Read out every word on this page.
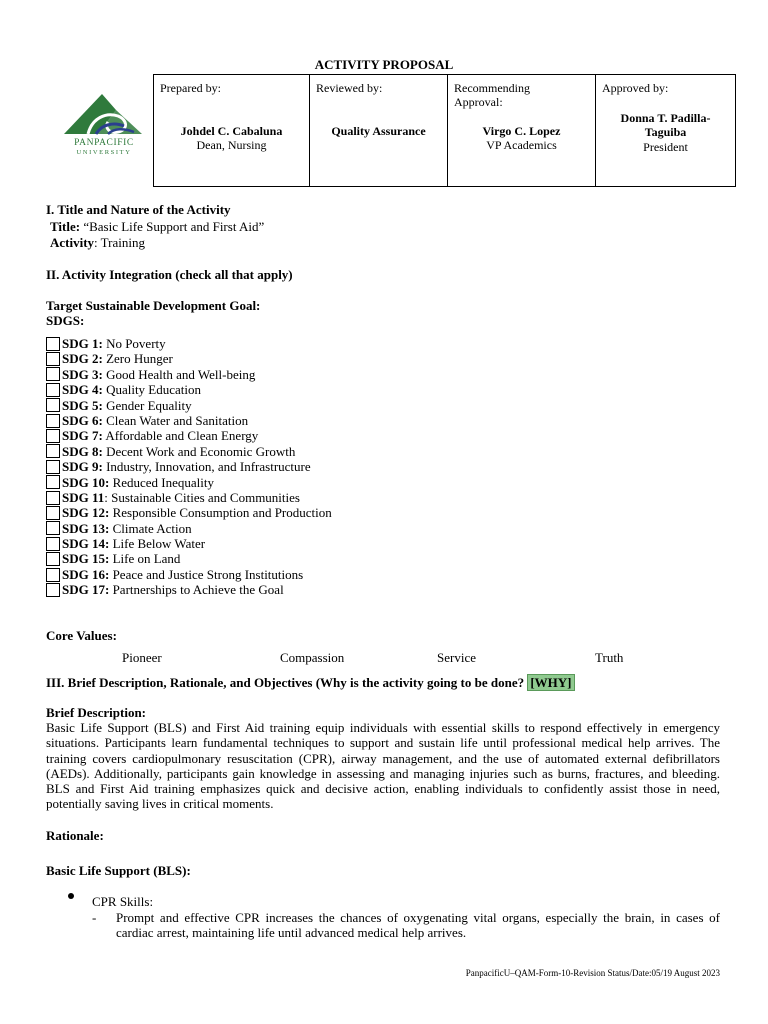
ACTIVITY PROPOSAL
PANPACIFIC
UNIVERSITY
Prepared by:
Johdel C. Cabaluna
Dean, Nursing

Reviewed by:
Quality Assurance

Recommending
Approval:
Virgo C. Lopez
VP Academics

Approved by:
Donna T. Padilla-
Taguiba
President
I. Title and Nature of the Activity
Title: “Basic Life Support and First Aid”
Activity: Training
II. Activity Integration (check all that apply)
Target Sustainable Development Goal:
SDGS:
SDG 1: No Poverty
SDG 2: Zero Hunger
SDG 3: Good Health and Well-being
SDG 4: Quality Education
SDG 5: Gender Equality
SDG 6: Clean Water and Sanitation
SDG 7: Affordable and Clean Energy
SDG 8: Decent Work and Economic Growth
SDG 9: Industry, Innovation, and Infrastructure
SDG 10: Reduced Inequality
SDG 11 : Sustainable Cities and Communities
SDG 12: Responsible Consumption and Production
SDG 13: Climate Action
SDG 14: Life Below Water
SDG 15: Life on Land
SDG 16: Peace and Justice Strong Institutions
SDG 17: Partnerships to Achieve the Goal
Core Values:
Pioneer	Compassion	Service	Truth
III. Brief Description, Rationale, and Objectives (Why is the activity going to be done? [WHY]
Brief Description:
Basic Life Support (BLS) and First Aid training equip individuals with essential skills to respond effectively in emergency situations. Participants learn fundamental techniques to support and sustain life until professional medical help arrives. The training covers cardiopulmonary resuscitation (CPR), airway management, and the use of automated external defibrillators (AEDs). Additionally, participants gain knowledge in assessing and managing injuries such as burns, fractures, and bleeding. BLS and First Aid training emphasizes quick and decisive action, enabling individuals to confidently assist those in need, potentially saving lives in critical moments.
Rationale:
Basic Life Support (BLS):
CPR Skills:
- Prompt and effective CPR increases the chances of oxygenating vital organs, especially the brain, in cases of cardiac arrest, maintaining life until advanced medical help arrives.
PanpacificU–QAM-Form-10-Revision Status/Date:05/19 August 2023
